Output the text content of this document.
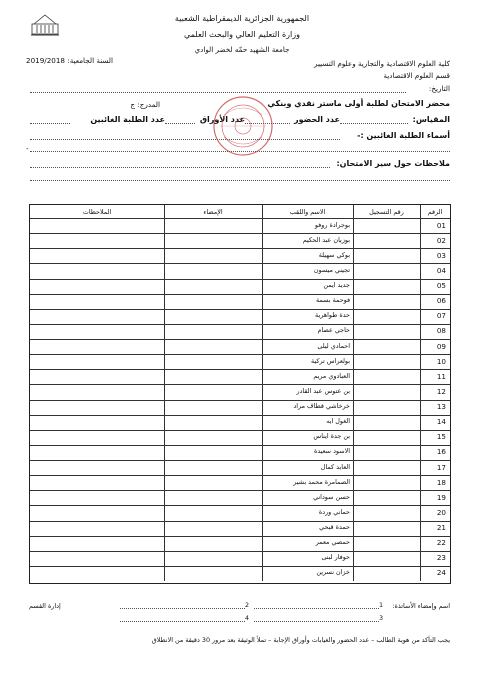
الجمهورية الجزائرية الديمقراطية الشعبية
وزارة التعليم العالي والبحث العلمي
جامعة الشهيد حمّه لخضر الوادي
السنة الجامعية: 2019/2018	كلية العلوم الاقتصادية والتجارية وعلوم التسيير
قسم العلوم الاقتصادية
التاريخ:
محضر الامتحان لطلبة أولى ماستر نقدي وبنكي
المدرج: ج
المقياس:
عدد الحضور
عدد الأوراق
عدد الطلبة الغائبين
أسماء الطلبة الغائبين :-
-
ملاحظات حول سير الامتحان:
الرقم
رقم التسجيل
الاسم واللقب
الإمضاء
الملاحظات
01
بوجرادة روفو
02
بوزيان عبد الحكيم
03
بوكي سهيلة
04
تجيني ميسون
05
جديد ايمن
06
فوحمة بسمة
07
حدة طواهرية
08
حاجي عصام
09
احمادي ليلى
10
بولعراس تركية
11
العبادوي مريم
12
بن عتوس عبد القادر
13
خرخاشي قطاف مراد
14
الغول ايه
15
بن جدة ايناس
16
الاسود سعيدة
17
العابد كمال
18
الصمامرة محمد بشير
19
حسن سوداني
20
حماني وردة
21
حمدة قبحي
22
حمصي معمر
23
حوفار لبنى
24
خزان نسرين
اسم وإمضاء الأساتذة:
1
2
3
4
إدارة القسم
يجب التأكد من هوية الطالب – عدد الحضور والغيابات وأوراق الإجابة – تملأ الوثيقة بعد مرور 30 دقيقة من الانطلاق
